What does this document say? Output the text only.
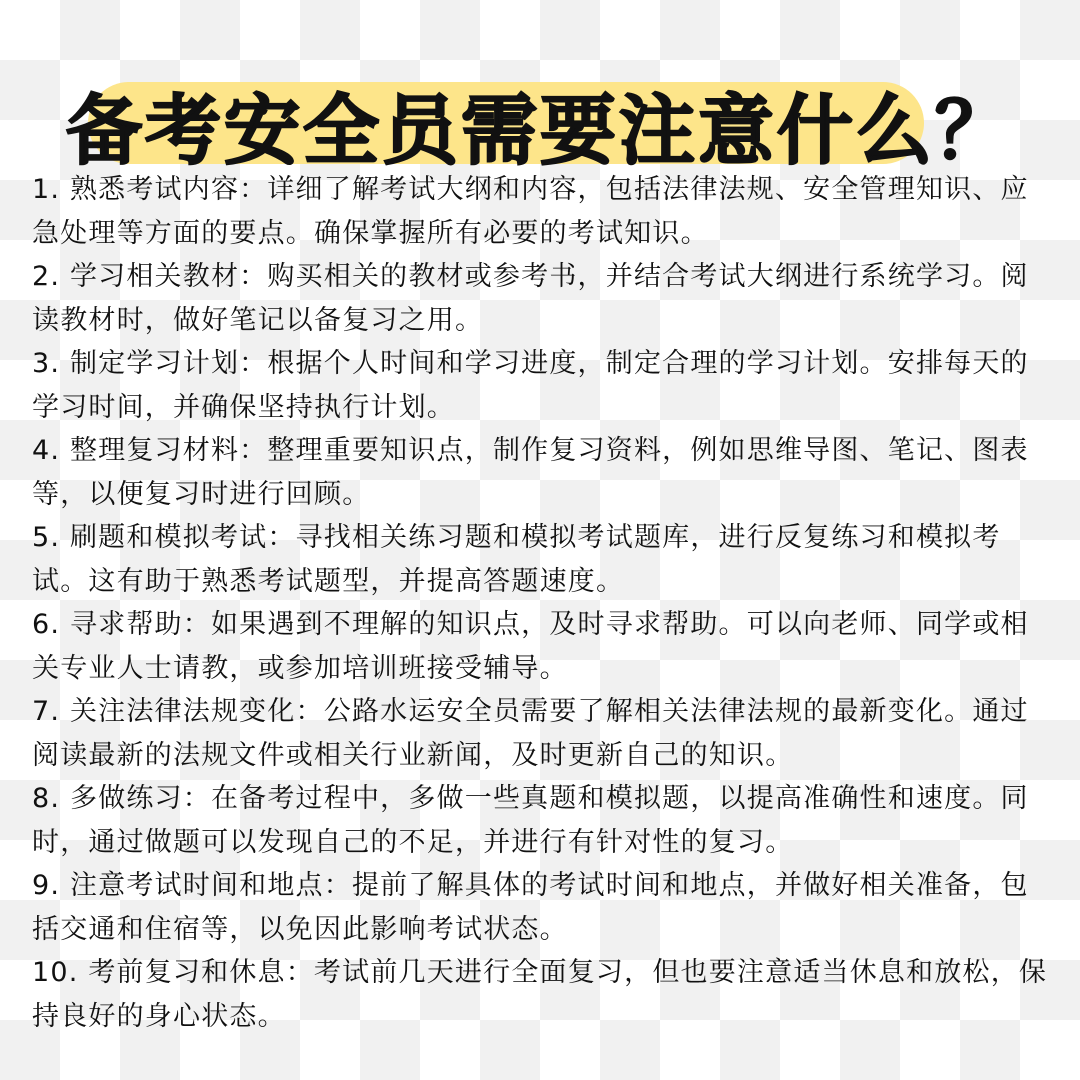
备考安全员需要注意什么？

1. 熟悉考试内容：详细了解考试大纲和内容，包括法律法规、安全管理知识、应急处理等方面的要点。确保掌握所有必要的考试知识。

2. 学习相关教材：购买相关的教材或参考书，并结合考试大纲进行系统学习。阅读教材时，做好笔记以备复习之用。

3. 制定学习计划：根据个人时间和学习进度，制定合理的学习计划。安排每天的学习时间，并确保坚持执行计划。

4. 整理复习材料：整理重要知识点，制作复习资料，例如思维导图、笔记、图表等，以便复习时进行回顾。

5. 刷题和模拟考试：寻找相关练习题和模拟考试题库，进行反复练习和模拟考试。这有助于熟悉考试题型，并提高答题速度。

6. 寻求帮助：如果遇到不理解的知识点，及时寻求帮助。可以向老师、同学或相关专业人士请教，或参加培训班接受辅导。

7. 关注法律法规变化：公路水运安全员需要了解相关法律法规的最新变化。通过阅读最新的法规文件或相关行业新闻，及时更新自己的知识。

8. 多做练习：在备考过程中，多做一些真题和模拟题，以提高准确性和速度。同时，通过做题可以发现自己的不足，并进行有针对性的复习。

9. 注意考试时间和地点：提前了解具体的考试时间和地点，并做好相关准备，包括交通和住宿等，以免因此影响考试状态。

10. 考前复习和休息：考试前几天进行全面复习，但也要注意适当休息和放松，保持良好的身心状态。
